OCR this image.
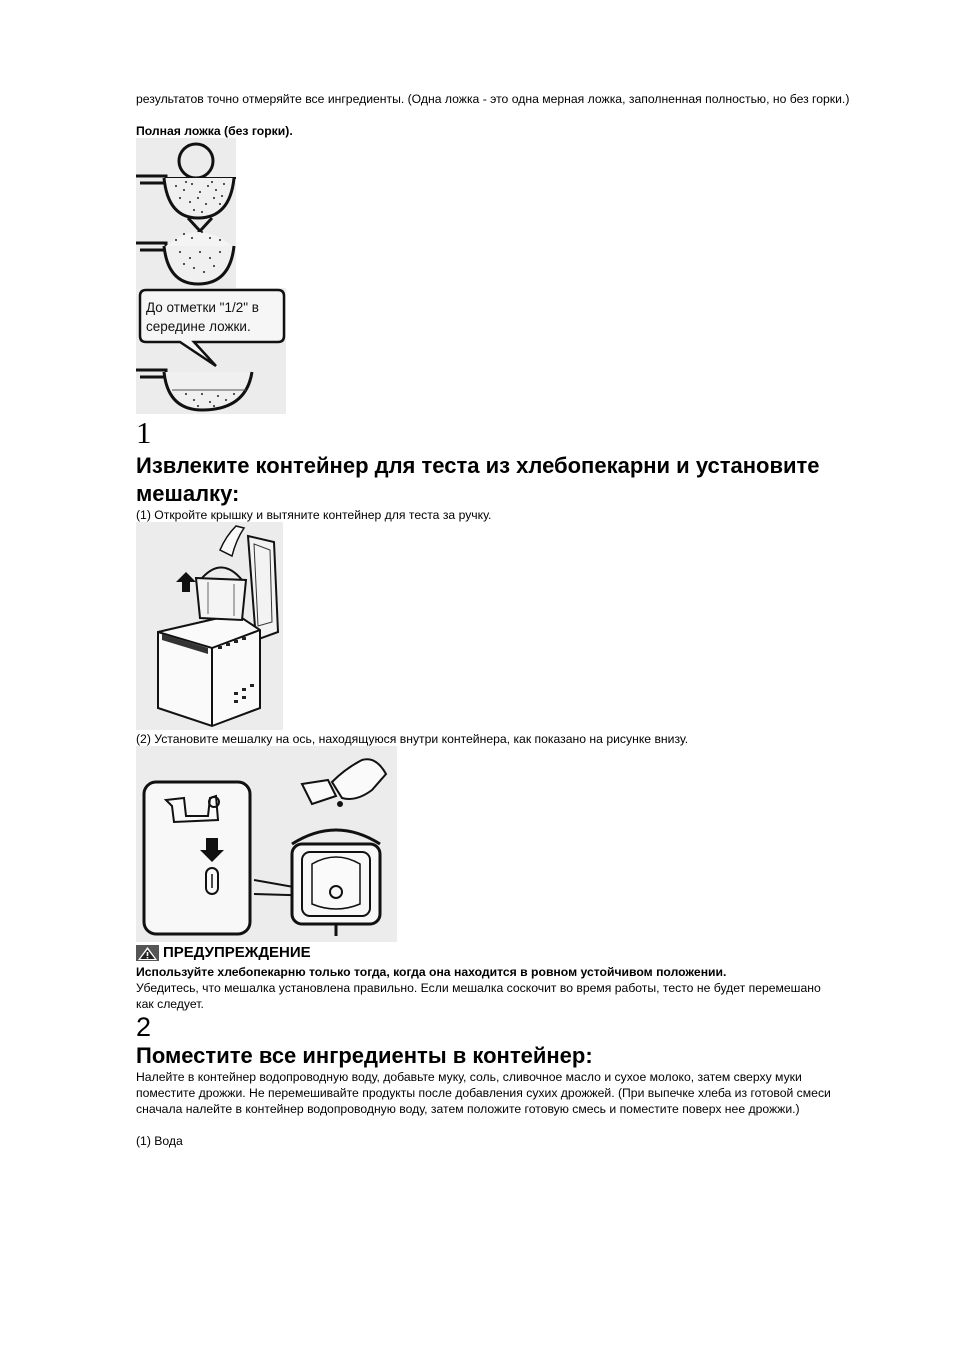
результатов точно отмеряйте все ингредиенты. (Одна ложка - это одна мерная ложка, заполненная полностью, но без горки.)
Полная ложка (без горки).
До отметки "1/2" в
середине ложки.
1
Извлеките контейнер для теста из хлебопекарни и установите мешалку:
(1) Откройте крышку и вытяните контейнер для теста за ручку.
(2) Установите мешалку на ось, находящуюся внутри контейнера, как показано на рисунке внизу.
ПРЕДУПРЕЖДЕНИЕ
Используйте хлебопекарню только тогда, когда она находится в ровном устойчивом положении.
Убедитесь, что мешалка установлена правильно. Если мешалка соскочит во время работы, тесто не будет перемешано как следует.
2
Поместите все ингредиенты в контейнер:
Налейте в контейнер водопроводную воду, добавьте муку, соль, сливочное масло и сухое молоко, затем сверху муки поместите дрожжи. Не перемешивайте продукты после добавления сухих дрожжей. (При выпечке хлеба из готовой смеси сначала налейте в контейнер водопроводную воду, затем положите готовую смесь и поместите поверх нее дрожжи.)
(1) Вода
